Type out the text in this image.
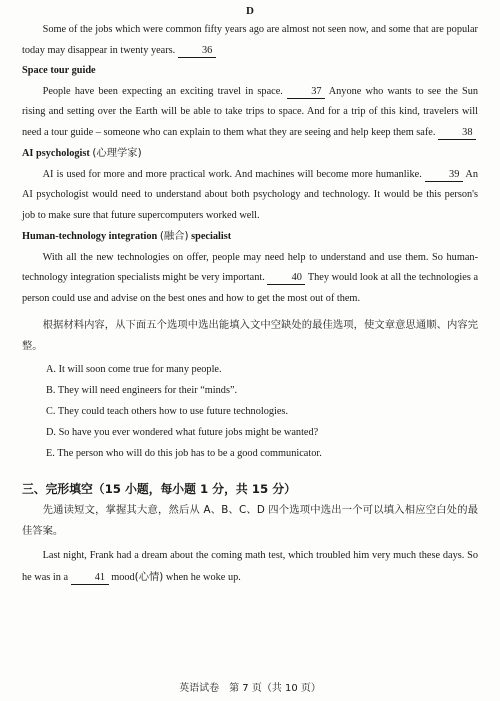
D

Some of the jobs which were common fifty years ago are almost not seen now, and some that are popular today may disappear in twenty years.	36

Space tour guide

People have been expecting an exciting travel in space.	37 Anyone who wants to see the Sun rising and setting over the Earth will be able to take trips to space. And for a trip of this kind, travelers will need a tour guide – someone who can explain to them what they are seeing and help keep them safe.	38

AI psychologist (心理学家)

AI is used for more and more practical work. And machines will become more humanlike.	39 An AI psychologist would need to understand about both psychology and technology. It would be this person's job to make sure that future supercomputers worked well.

Human-technology integration (融合) specialist

With all the new technologies on offer, people may need help to understand and use them. So human-technology integration specialists might be very important.	40 They would look at all the technologies a person could use and advise on the best ones and how to get the most out of them.

根据材料内容，从下面五个选项中选出能填入文中空缺处的最佳选项，使文章意思通顺、内容完整。

A. It will soon come true for many people.

B. They will need engineers for their “minds”.

C. They could teach others how to use future technologies.

D. So have you ever wondered what future jobs might be wanted?

E. The person who will do this job has to be a good communicator.

三、完形填空（15 小题，每小题 1 分，共 15 分）

先通读短文，掌握其大意，然后从 A、B、C、D 四个选项中选出一个可以填入相应空白处的最佳答案。

Last night, Frank had a dream about the coming math test, which troubled him very much these days. So he was in a	41 mood(心情) when he woke up.

英语试卷　第 7 页（共 10 页）
